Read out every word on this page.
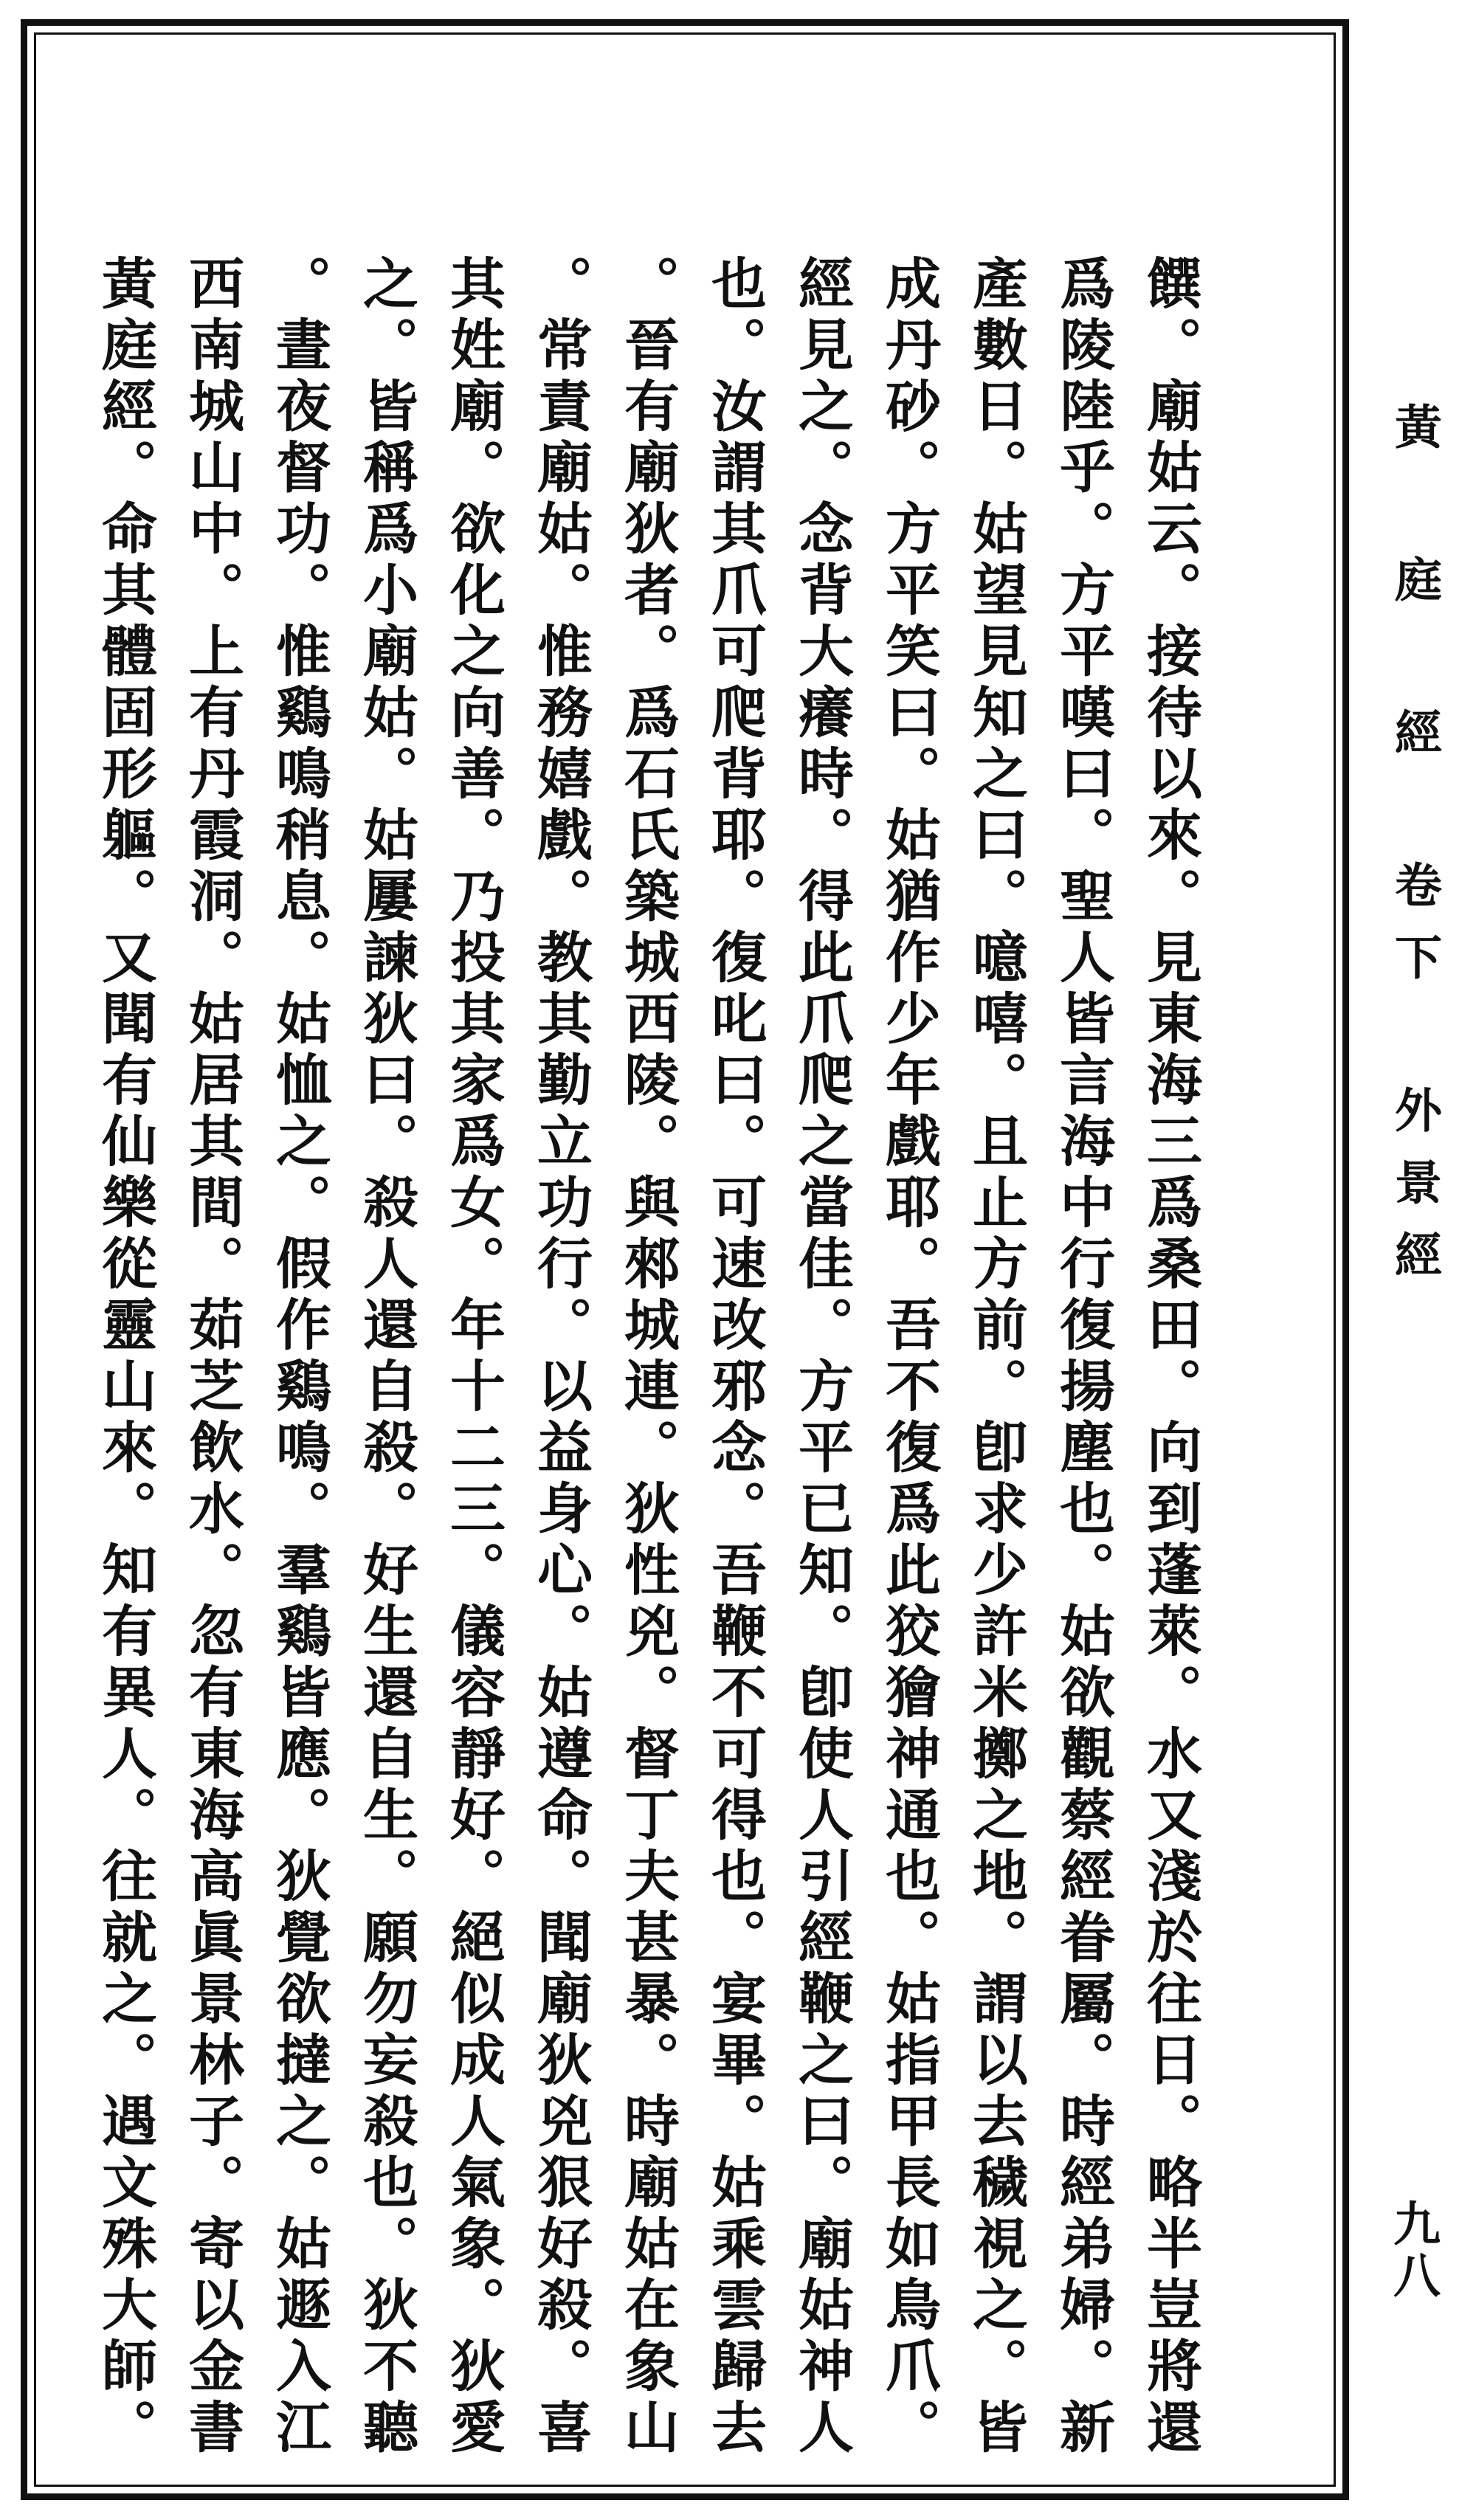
黃 庭 經 卷下 外景經
饌。廟姑云。接待以來。見東海三爲桑田。向到蓬萊。水又淺於往日。略半豈將還
爲陵陸乎。方平嘆曰。聖人皆言海中行復揚塵也。姑欲觀蔡經眷屬。時經弟婦。新
產數日。姑望見知之曰。噫嘻。且止方前。卽求少許米擲之地。謂以去穢視之。皆
成丹砂。方平笑曰。姑猶作少年戲耶。吾不復爲此狡獪神通也。姑指甲長如鳥爪。
經見之。念背大癢時。得此爪爬之當佳。方平已知。卽使人引經鞭之曰。廟姑神人
也。汝謂其爪可爬背耶。復叱曰。可速改邪念。吾鞭不可得也。宴畢。姑乘雲歸去
。晉有廟狄者。爲石氏築城西陵。與郲城連。狄性兇。督丁夫甚暴。時廟姑在象山
。常責廟姑。惟務嬉戲。教其勤立功行。以益身心。姑遵命。聞廟狄兇狠好殺。喜
其姓廟。欲化之向善。乃投其家爲女。年十二三。儀容靜好。絕似成人氣象。狄愛
之。皆稱爲小廟姑。姑屢諫狄曰。殺人還自殺。好生還自生。願勿妄殺也。狄不聽
。晝夜督功。惟鷄鳴稍息。姑恤之。假作鷄鳴。羣鷄皆應。狄覺欲撻之。姑遯入江
西南城山中。上有丹霞洞。姑居其間。茹芝飲水。忽有東海高眞景林子。寄以金書
黃庭經。命其體固形軀。又聞有仙樂從靈山來。知有異人。往就之。遇文殊大師。	九八
